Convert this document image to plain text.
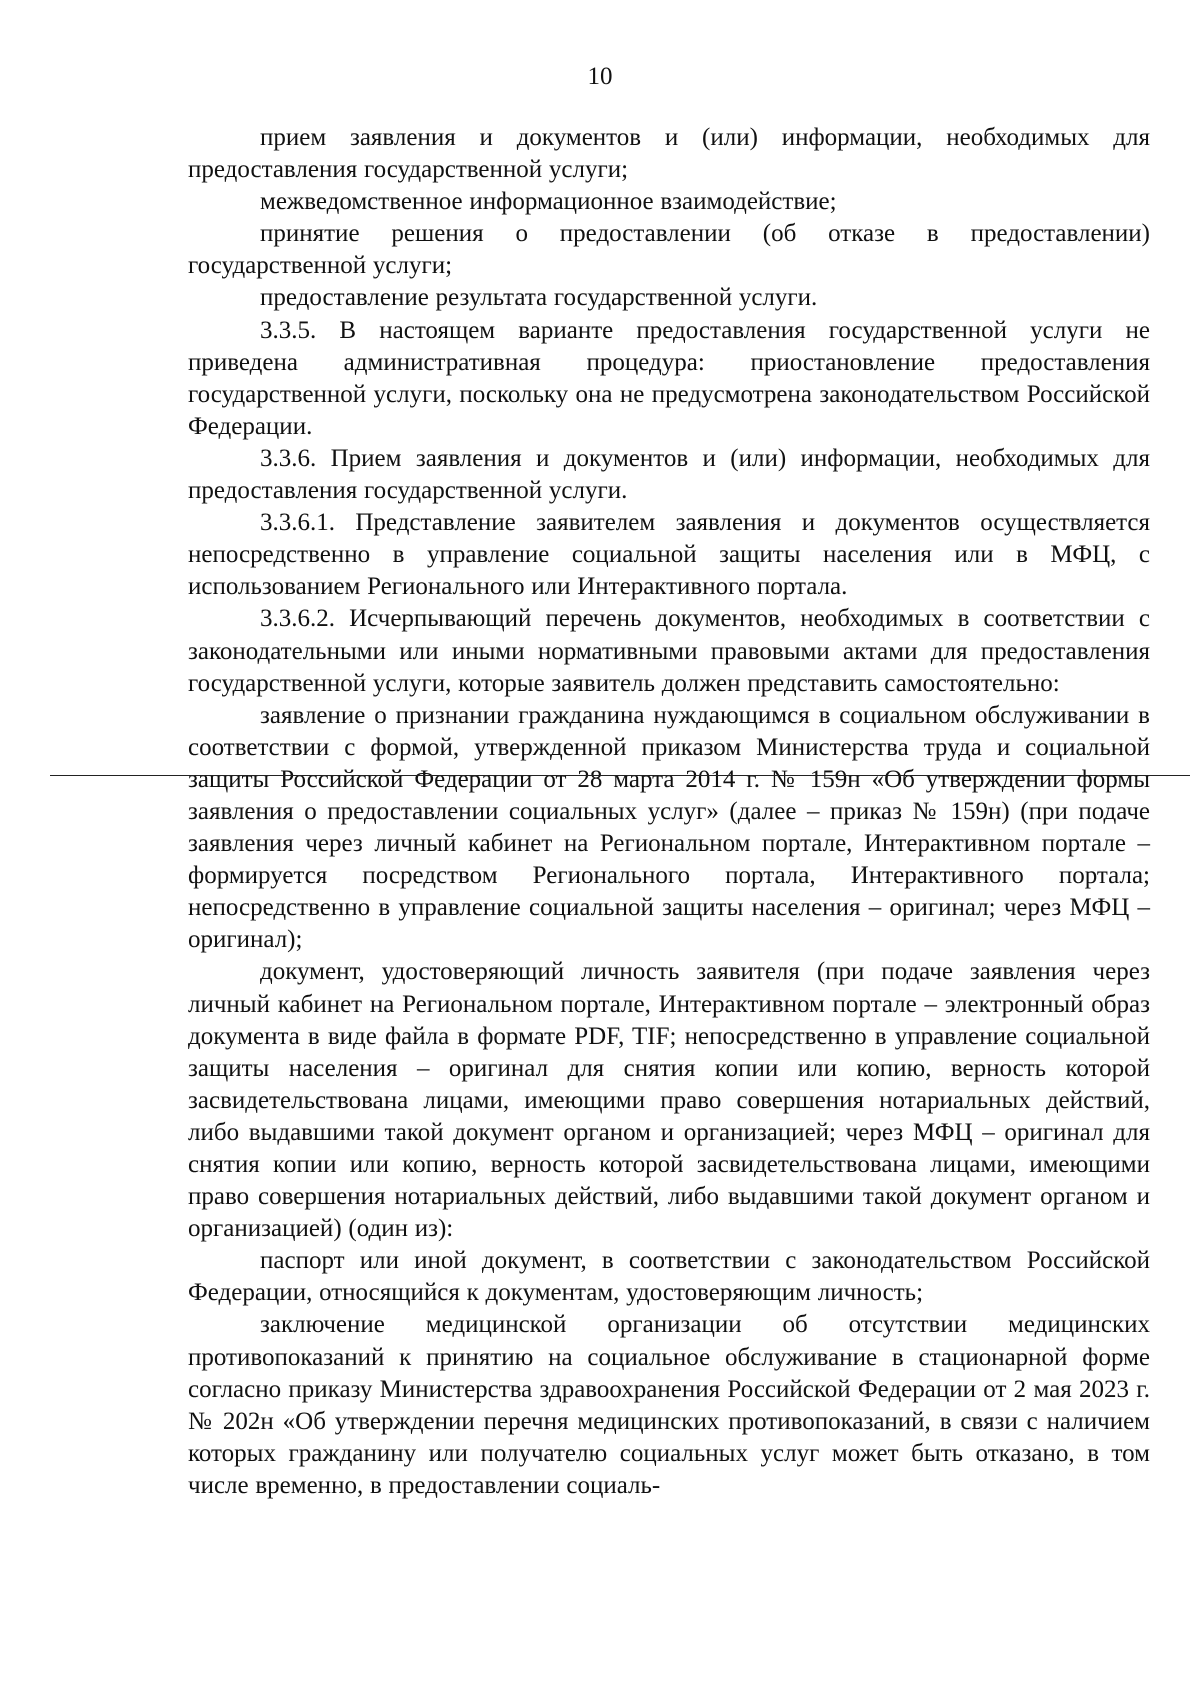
10

прием заявления и документов и (или) информации, необходимых для предоставления государственной услуги;

межведомственное информационное взаимодействие;

принятие решения о предоставлении (об отказе в предоставлении) государственной услуги;

предоставление результата государственной услуги.

3.3.5. В настоящем варианте предоставления государственной услуги не приведена административная процедура: приостановление предоставления государственной услуги, поскольку она не предусмотрена законодательством Российской Федерации.

3.3.6. Прием заявления и документов и (или) информации, необходимых для предоставления государственной услуги.

3.3.6.1. Представление заявителем заявления и документов осуществляется непосредственно в управление социальной защиты населения или в МФЦ, с использованием Регионального или Интерактивного портала.

3.3.6.2. Исчерпывающий перечень документов, необходимых в соответствии с законодательными или иными нормативными правовыми актами для предоставления государственной услуги, которые заявитель должен представить самостоятельно:

заявление о признании гражданина нуждающимся в социальном обслуживании в соответствии с формой, утвержденной приказом Министерства труда и социальной защиты Российской Федерации от 28 марта 2014 г. № 159н «Об утверждении формы заявления о предоставлении социальных услуг» (далее – приказ № 159н) (при подаче заявления через личный кабинет на Региональном портале, Интерактивном портале – формируется посредством Регионального портала, Интерактивного портала; непосредственно в управление социальной защиты населения – оригинал; через МФЦ – оригинал);

документ, удостоверяющий личность заявителя (при подаче заявления через личный кабинет на Региональном портале, Интерактивном портале – электронный образ документа в виде файла в формате PDF, TIF; непосредственно в управление социальной защиты населения – оригинал для снятия копии или копию, верность которой засвидетельствована лицами, имеющими право совершения нотариальных действий, либо выдавшими такой документ органом и организацией; через МФЦ – оригинал для снятия копии или копию, верность которой засвидетельствована лицами, имеющими право совершения нотариальных действий, либо выдавшими такой документ органом и организацией) (один из):

паспорт или иной документ, в соответствии с законодательством Российской Федерации, относящийся к документам, удостоверяющим личность;

заключение медицинской организации об отсутствии медицинских противопоказаний к принятию на социальное обслуживание в стационарной форме согласно приказу Министерства здравоохранения Российской Федерации от 2 мая 2023 г. № 202н «Об утверждении перечня медицинских противопоказаний, в связи с наличием которых гражданину или получателю социальных услуг может быть отказано, в том числе временно, в предоставлении социаль-
